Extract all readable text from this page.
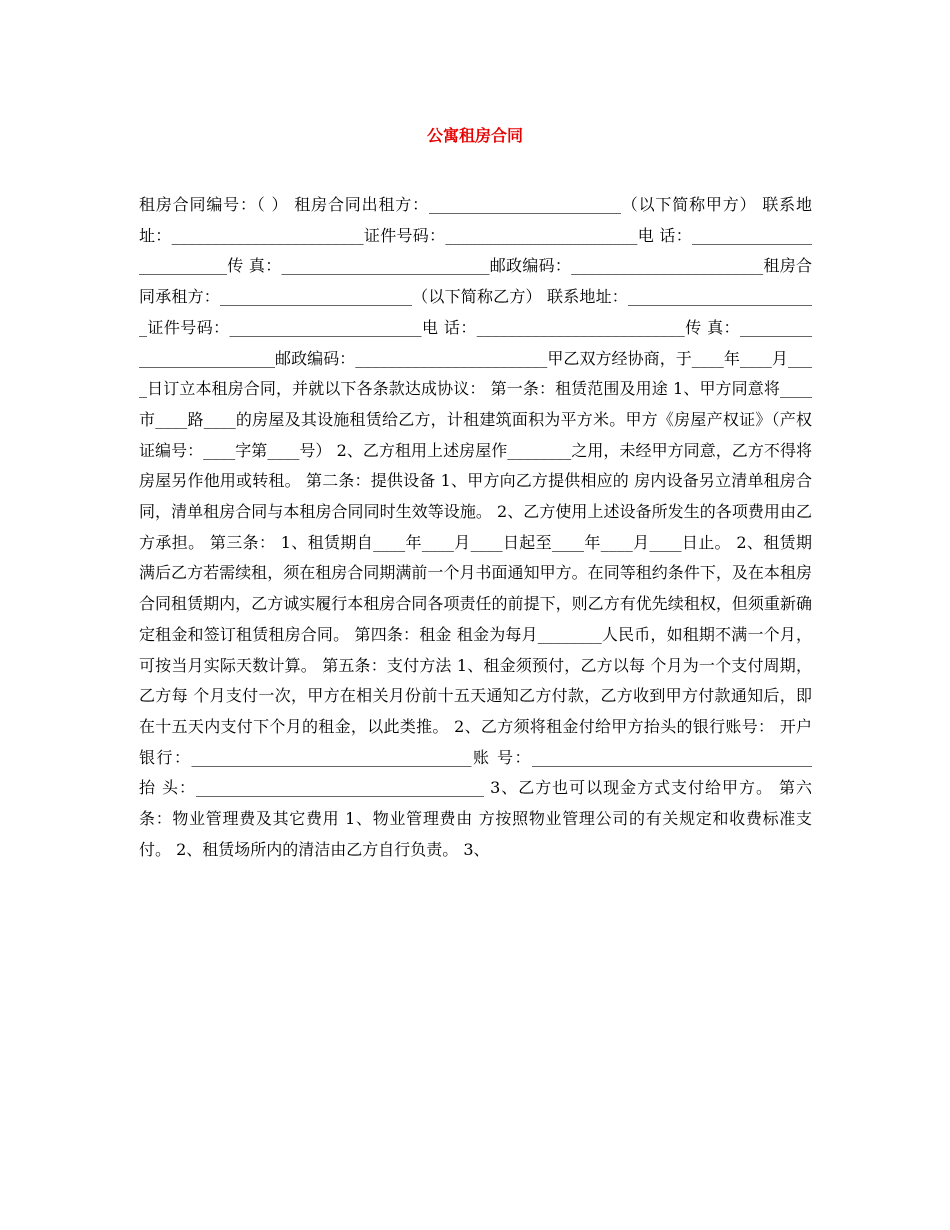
公寓租房合同

租房合同编号：（ ） 租房合同出租方：________________________（以下简称甲方） 联系地址：________________________证件号码：________________________电 话：__________________________传 真：__________________________邮政编码：________________________租房合同承租方：________________________（以下简称乙方） 联系地址：________________________证件号码：________________________电 话：__________________________传 真：__________________________邮政编码：________________________甲乙双方经协商，于____年____月____日订立本租房合同，并就以下各条款达成协议： 第一条：租赁范围及用途 1、甲方同意将____市____路____的房屋及其设施租赁给乙方，计租建筑面积为平方米。甲方《房屋产权证》（产权证编号：____字第____号） 2、乙方租用上述房屋作________之用，未经甲方同意，乙方不得将房屋另作他用或转租。 第二条：提供设备 1、甲方向乙方提供相应的 房内设备另立清单租房合同，清单租房合同与本租房合同同时生效等设施。 2、乙方使用上述设备所发生的各项费用由乙方承担。 第三条： 1、租赁期自____年____月____日起至____年____月____日止。 2、租赁期满后乙方若需续租，须在租房合同期满前一个月书面通知甲方。在同等租约条件下，及在本租房合同租赁期内，乙方诚实履行本租房合同各项责任的前提下，则乙方有优先续租权，但须重新确定租金和签订租赁租房合同。 第四条：租金 租金为每月________人民币，如租期不满一个月，可按当月实际天数计算。 第五条：支付方法 1、租金须预付，乙方以每 个月为一个支付周期，乙方每 个月支付一次，甲方在相关月份前十五天通知乙方付款，乙方收到甲方付款通知后，即在十五天内支付下个月的租金，以此类推。 2、乙方须将租金付给甲方抬头的银行账号： 开户银行：___________________________________账 号：___________________________________ 抬 头：____________________________________ 3、乙方也可以现金方式支付给甲方。 第六条：物业管理费及其它费用 1、物业管理费由 方按照物业管理公司的有关规定和收费标准支付。 2、租赁场所内的清洁由乙方自行负责。 3、
